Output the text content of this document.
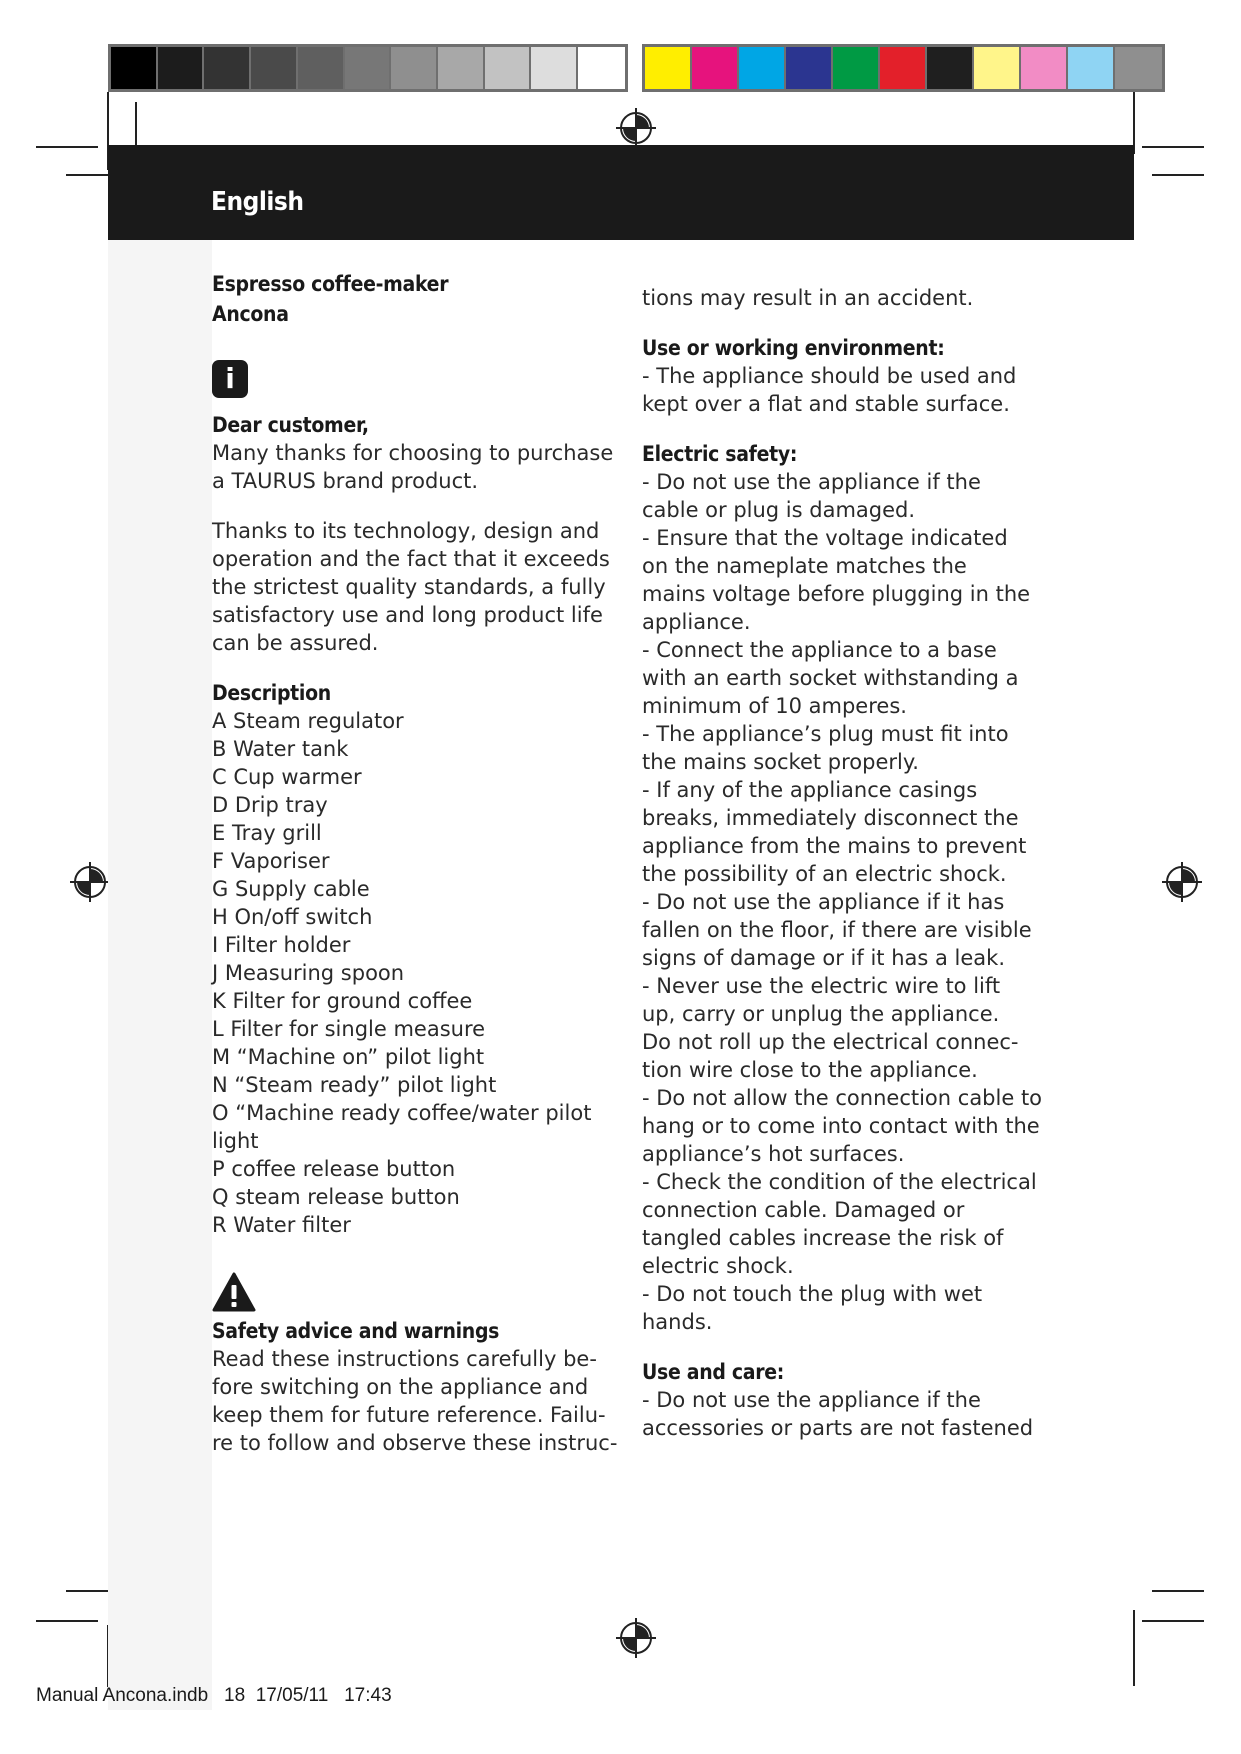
English

Espresso coffee-maker

Ancona

i

Dear customer,

Many thanks for choosing to purchase
a TAURUS brand product.
Thanks to its technology, design and
operation and the fact that it exceeds
the strictest quality standards, a fully
satisfactory use and long product life
can be assured.

Description

A Steam regulator
B Water tank
C Cup warmer
D Drip tray
E Tray grill
F Vaporiser
G Supply cable
H On/off switch
I Filter holder
J Measuring spoon
K Filter for ground coffee
L Filter for single measure
M “Machine on” pilot light
N “Steam ready” pilot light
O “Machine ready coffee/water pilot
light
P coffee release button
Q steam release button
R Water filter

Safety advice and warnings

Read these instructions carefully be-
fore switching on the appliance and
keep them for future reference. Failu-
re to follow and observe these instruc-

tions may result in an accident.

Use or working environment:

- The appliance should be used and
kept over a flat and stable surface.

Electric safety:

- Do not use the appliance if the
cable or plug is damaged.
- Ensure that the voltage indicated
on the nameplate matches the
mains voltage before plugging in the
appliance.
- Connect the appliance to a base
with an earth socket withstanding a
minimum of 10 amperes.
- The appliance’s plug must fit into
the mains socket properly.
- If any of the appliance casings
breaks, immediately disconnect the
appliance from the mains to prevent
the possibility of an electric shock.
- Do not use the appliance if it has
fallen on the floor, if there are visible
signs of damage or if it has a leak.
- Never use the electric wire to lift
up, carry or unplug the appliance.
Do not roll up the electrical connec-
tion wire close to the appliance.
- Do not allow the connection cable to
hang or to come into contact with the
appliance’s hot surfaces.
- Check the condition of the electrical
connection cable. Damaged or
tangled cables increase the risk of
electric shock.
- Do not touch the plug with wet
hands.

Use and care:

- Do not use the appliance if the
accessories or parts are not fastened
Manual Ancona.indb   18  17/05/11   17:43
